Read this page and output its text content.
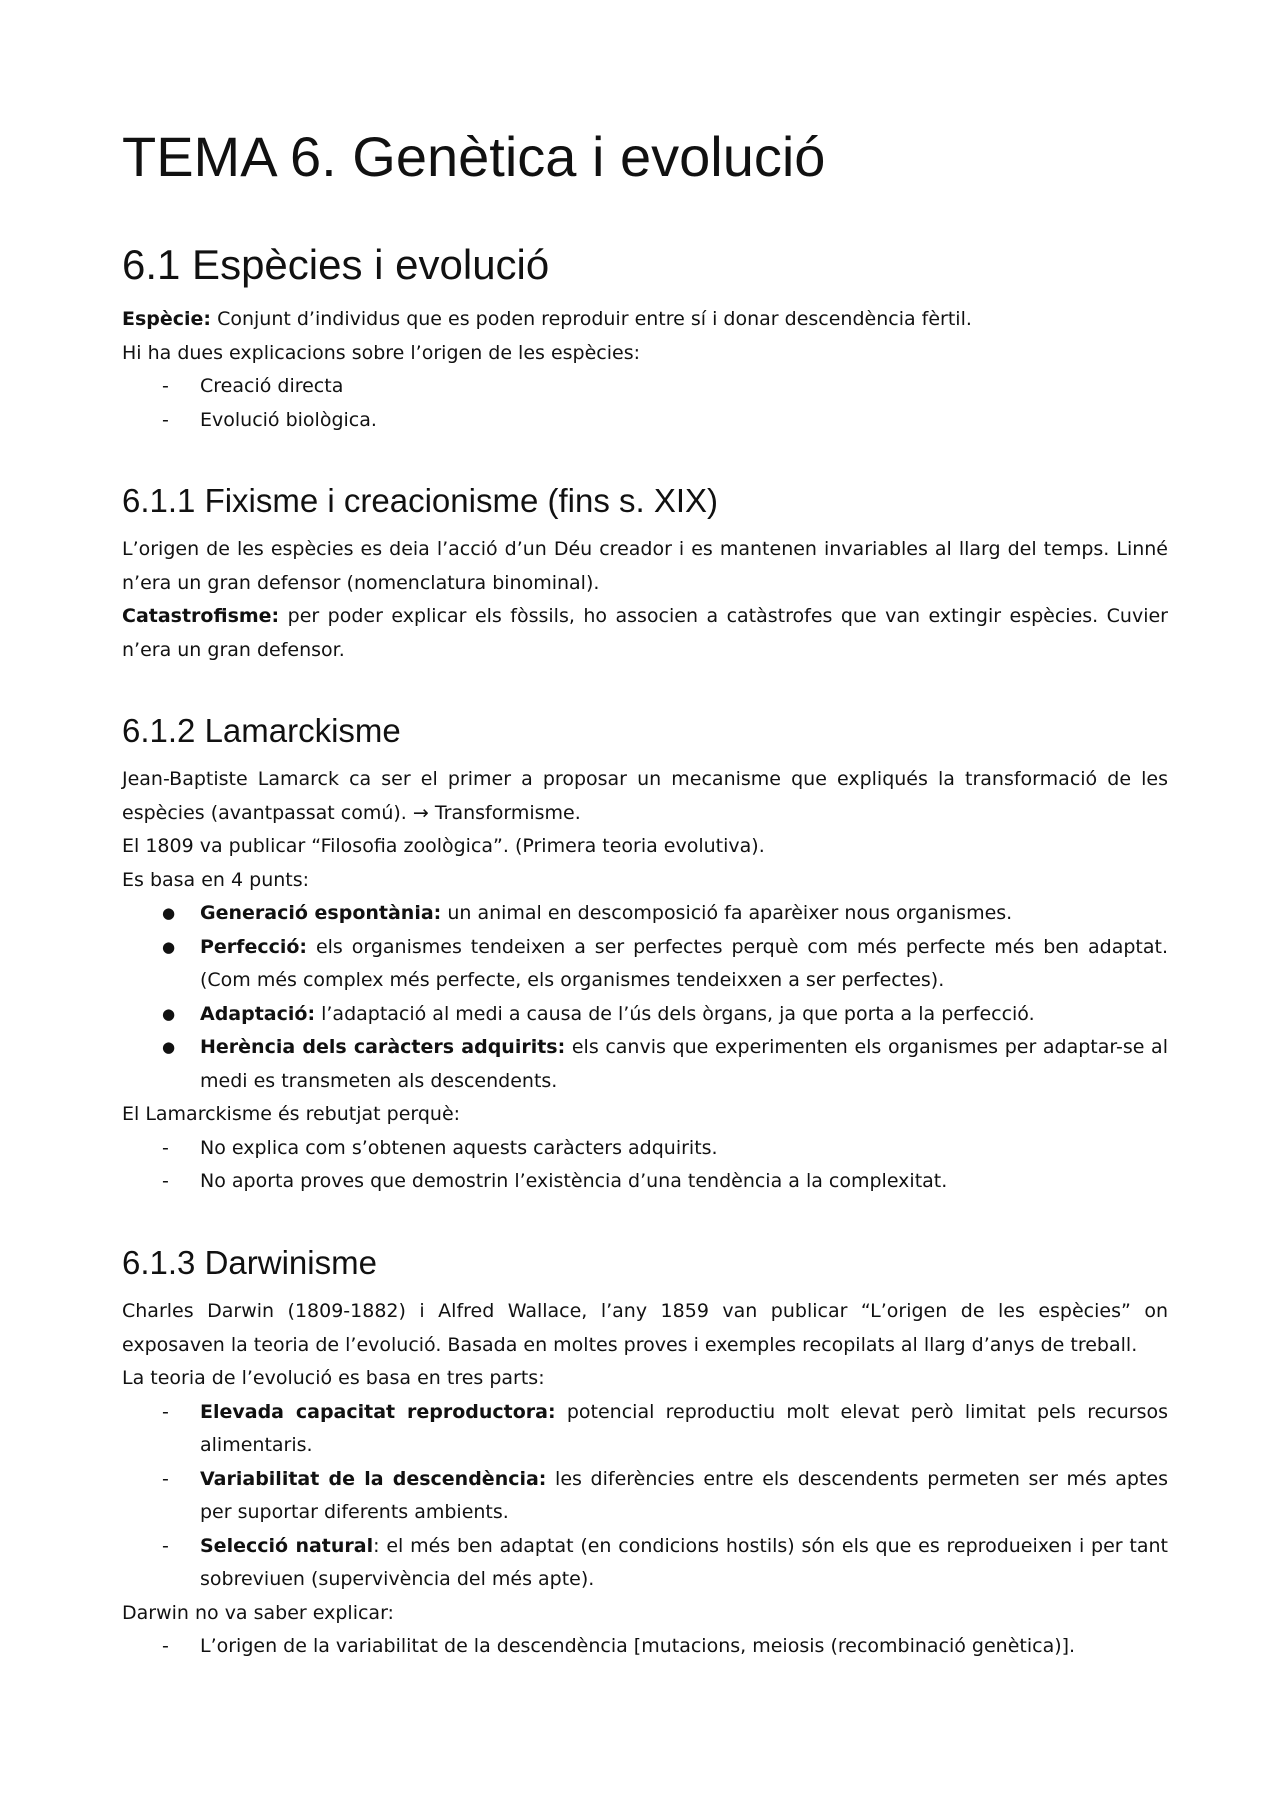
TEMA 6. Genètica i evolució
6.1 Espècies i evolució

Espècie: Conjunt d’individus que es poden reproduir entre sí i donar descendència fèrtil.

Hi ha dues explicacions sobre l’origen de les espècies:

- Creació directa
- Evolució biològica.
6.1.1 Fixisme i creacionisme (fins s. XIX)

L’origen de les espècies es deia l’acció d’un Déu creador i es mantenen invariables al llarg del temps. Linné n’era un gran defensor (nomenclatura binominal).

Catastrofisme: per poder explicar els fòssils, ho associen a catàstrofes que van extingir espècies. Cuvier n’era un gran defensor.

6.1.2 Lamarckisme

Jean-Baptiste Lamarck ca ser el primer a proposar un mecanisme que expliqués la transformació de les espècies (avantpassat comú). → Transformisme.

El 1809 va publicar “Filosofia zoològica”. (Primera teoria evolutiva).

Es basa en 4 punts:

● Generació espontània: un animal en descomposició fa aparèixer nous organismes.
● Perfecció: els organismes tendeixen a ser perfectes perquè com més perfecte més ben adaptat. (Com més complex més perfecte, els organismes tendeixxen a ser perfectes).
● Adaptació: l’adaptació al medi a causa de l’ús dels òrgans, ja que porta a la perfecció.
● Herència dels caràcters adquirits: els canvis que experimenten els organismes per adaptar-se al medi es transmeten als descendents.

El Lamarckisme és rebutjat perquè:

- No explica com s’obtenen aquests caràcters adquirits.
- No aporta proves que demostrin l’existència d’una tendència a la complexitat.
6.1.3 Darwinisme

Charles Darwin (1809-1882) i Alfred Wallace, l’any 1859 van publicar “L’origen de les espècies” on exposaven la teoria de l’evolució. Basada en moltes proves i exemples recopilats al llarg d’anys de treball.

La teoria de l’evolució es basa en tres parts:

- Elevada capacitat reproductora: potencial reproductiu molt elevat però limitat pels recursos alimentaris.
- Variabilitat de la descendència: les diferències entre els descendents permeten ser més aptes per suportar diferents ambients.
- Selecció natural: el més ben adaptat (en condicions hostils) són els que es reprodueixen i per tant sobreviuen (supervivència del més apte).

Darwin no va saber explicar:

- L’origen de la variabilitat de la descendència [mutacions, meiosis (recombinació genètica)].
